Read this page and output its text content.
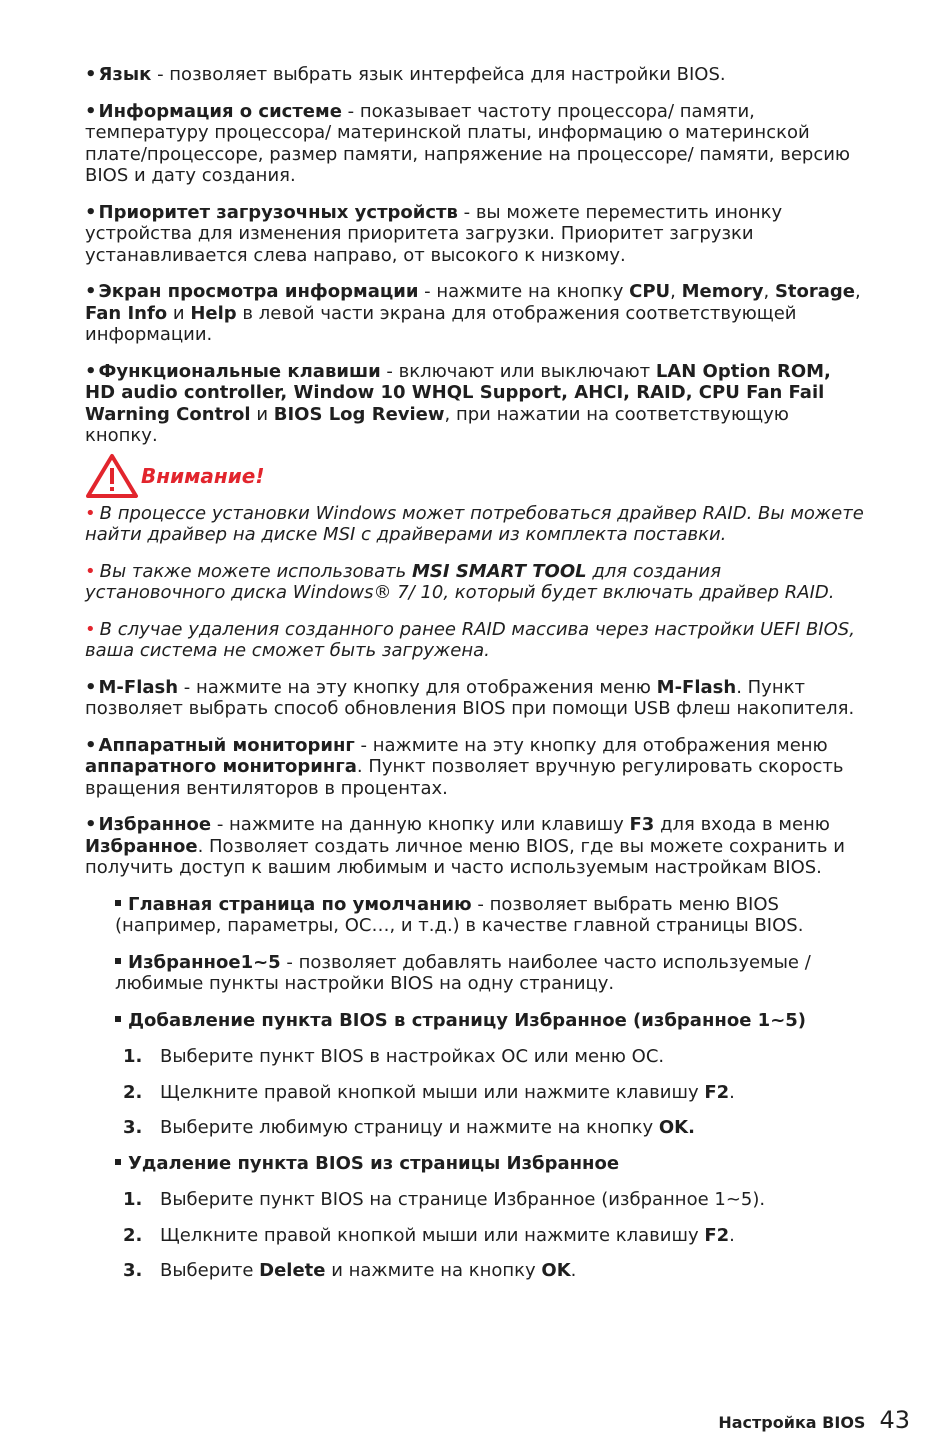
• Язык - позволяет выбрать язык интерфейса для настройки BIOS.

• Информация о системе - показывает частоту процессора/ памяти, температуру процессора/ материнской платы, информацию о материнской плате/процессоре, размер памяти, напряжение на процессоре/ памяти, версию BIOS и дату создания.

• Приоритет загрузочных устройств - вы можете переместить инонку устройства для изменения приоритета загрузки. Приоритет загрузки устанавливается слева направо, от высокого к низкому.

• Экран просмотра информации - нажмите на кнопку CPU, Memory, Storage, Fan Info и Help в левой части экрана для отображения соответствующей информации.

• Функциональные клавиши - включают или выключают LAN Option ROM, HD audio controller, Window 10 WHQL Support, AHCI, RAID, CPU Fan Fail Warning Control и BIOS Log Review, при нажатии на соответствующую кнопку.

Внимание!

• В процессе установки Windows может потребоваться драйвер RAID. Вы можете найти драйвер на диске MSI с драйверами из комплекта поставки.

• Вы также можете использовать MSI SMART TOOL для создания установочного диска Windows® 7/ 10, который будет включать драйвер RAID.

• В случае удаления созданного ранее RAID массива через настройки UEFI BIOS, ваша система не сможет быть загружена.

• M-Flash - нажмите на эту кнопку для отображения меню M-Flash. Пункт позволяет выбрать способ обновления BIOS при помощи USB флеш накопителя.

• Аппаратный мониторинг - нажмите на эту кнопку для отображения меню аппаратного мониторинга. Пункт позволяет вручную регулировать скорость вращения вентиляторов в процентах.

• Избранное - нажмите на данную кнопку или клавишу F3 для входа в меню Избранное. Позволяет создать личное меню BIOS, где вы можете сохранить и получить доступ к вашим любимым и часто используемым настройкам BIOS.

Главная страница по умолчанию - позволяет выбрать меню BIOS (например, параметры, OC…, и т.д.) в качестве главной страницы BIOS.

Избранное1~5 - позволяет добавлять наиболее часто используемые / любимые пункты настройки BIOS на одну страницу.

Добавление пункта BIOS в страницу Избранное (избранное 1~5)

1. Выберите пункт BIOS в настройках OC или меню OC.
2. Щелкните правой кнопкой мыши или нажмите клавишу F2.
3. Выберите любимую страницу и нажмите на кнопку OK.

Удаление пункта BIOS из страницы Избранное

1. Выберите пункт BIOS на странице Избранное (избранное 1~5).
2. Щелкните правой кнопкой мыши или нажмите клавишу F2.
3. Выберите Delete и нажмите на кнопку OK.
Настройка BIOS 43
